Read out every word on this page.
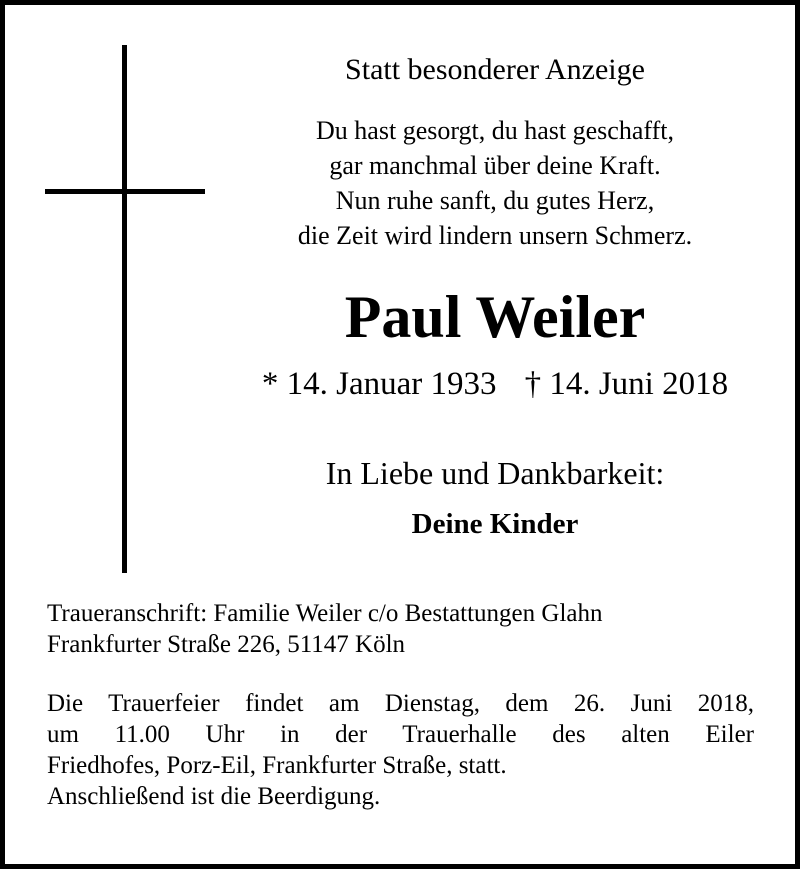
Statt besonderer Anzeige
Du hast gesorgt, du hast geschafft,
gar manchmal über deine Kraft.
Nun ruhe sanft, du gutes Herz,
die Zeit wird lindern unsern Schmerz.
Paul Weiler
* 14. Januar 1933 † 14. Juni 2018
In Liebe und Dankbarkeit:
Deine Kinder
Traueranschrift: Familie Weiler c/o Bestattungen Glahn
Frankfurter Straße 226, 51147 Köln
Die Trauerfeier findet am Dienstag, dem 26. Juni 2018,
um 11.00 Uhr in der Trauerhalle des alten Eiler
Friedhofes, Porz-Eil, Frankfurter Straße, statt.
Anschließend ist die Beerdigung.
